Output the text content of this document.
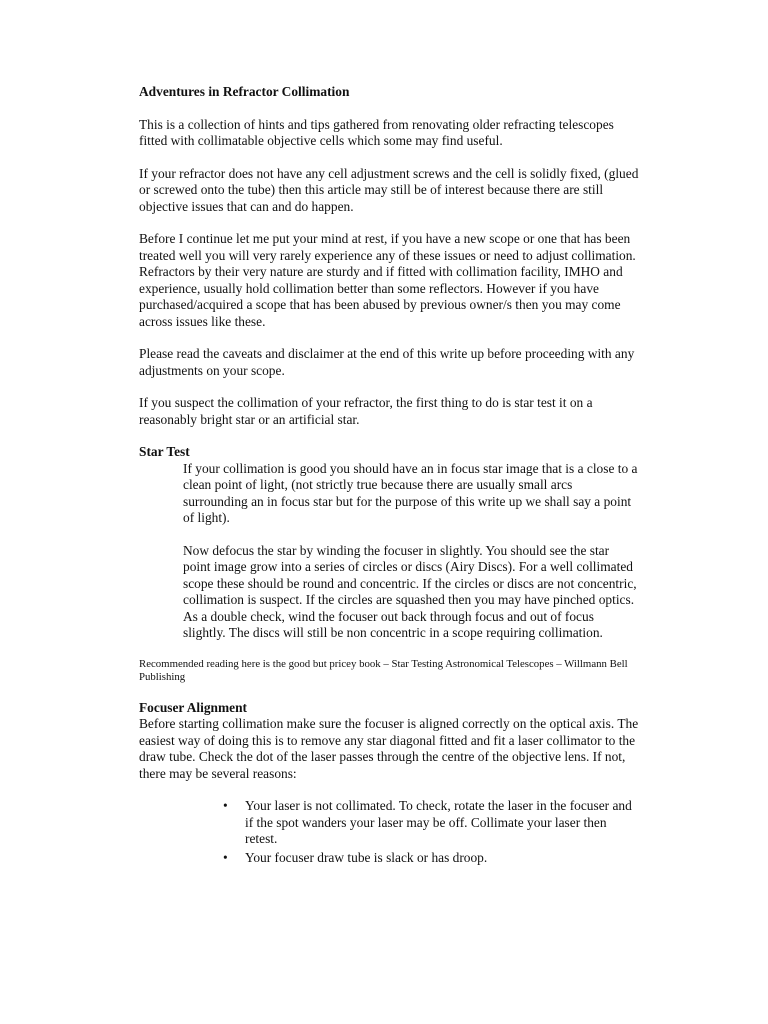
Adventures in Refractor Collimation

This is a collection of hints and tips gathered from renovating older refracting telescopes fitted with collimatable objective cells which some may find useful.

If your refractor does not have any cell adjustment screws and the cell is solidly fixed, (glued or screwed onto the tube) then this article may still be of interest because there are still objective issues that can and do happen.

Before I continue let me put your mind at rest, if you have a new scope or one that has been treated well you will very rarely experience any of these issues or need to adjust collimation. Refractors by their very nature are sturdy and if fitted with collimation facility, IMHO and experience, usually hold collimation better than some reflectors. However if you have purchased/acquired a scope that has been abused by previous owner/s then you may come across issues like these.

Please read the caveats and disclaimer at the end of this write up before proceeding with any adjustments on your scope.

If you suspect the collimation of your refractor, the first thing to do is star test it on a reasonably bright star or an artificial star.

Star Test

If your collimation is good you should have an in focus star image that is a close to a clean point of light, (not strictly true because there are usually small arcs surrounding an in focus star but for the purpose of this write up we shall say a point of light).

Now defocus the star by winding the focuser in slightly. You should see the star point image grow into a series of circles or discs (Airy Discs). For a well collimated scope these should be round and concentric. If the circles or discs are not concentric, collimation is suspect. If the circles are squashed then you may have pinched optics. As a double check, wind the focuser out back through focus and out of focus slightly. The discs will still be non concentric in a scope requiring collimation.

Recommended reading here is the good but pricey book – Star Testing Astronomical Telescopes – Willmann Bell Publishing

Focuser Alignment

Before starting collimation make sure the focuser is aligned correctly on the optical axis. The easiest way of doing this is to remove any star diagonal fitted and fit a laser collimator to the draw tube. Check the dot of the laser passes through the centre of the objective lens. If not, there may be several reasons:

• Your laser is not collimated. To check, rotate the laser in the focuser and if the spot wanders your laser may be off. Collimate your laser then retest.
• Your focuser draw tube is slack or has droop.
